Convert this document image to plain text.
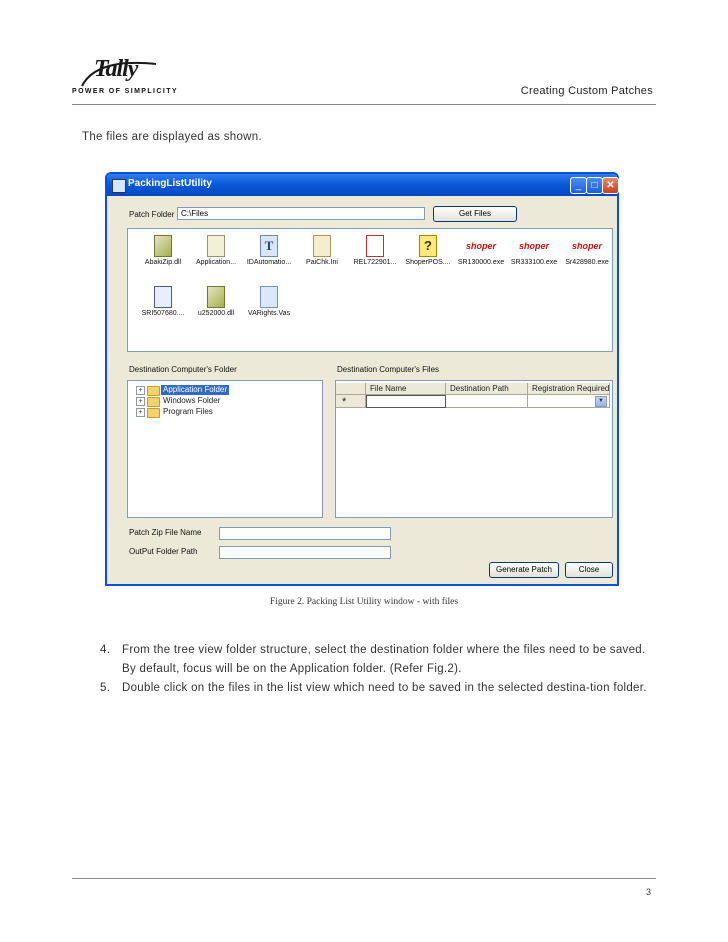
Tally
POWER OF SIMPLICITY	Creating Custom Patches
The files are displayed as shown.
PackingListUtility	_	□ ✕
Patch Folder C:\Files	Get Files
AbakiZip.dll	Application...
T
IDAutomatio...	PaiChk.Ini	REL722901...
?
ShoperPOS....
shoper
SR130000.exe
shoper
SR333100.exe
shoper
Sr428980.exe
SRI507680....	u252000.dll	VARights.Vas
Destination Computer's Folder	Destination Computer's Files
+	Application Folder
+	Windows Folder
+	Program Files
File Name	Destination Path	Registration Required
*	▼
Patch Zip File Name
OutPut Folder Path
Generate Patch	Close
Figure 2. Packing List Utility window - with files
4. From the tree view folder structure, select the destination folder where the files need to be saved. By default, focus will be on the Application folder. (Refer Fig.2).
5. Double click on the files in the list view which need to be saved in the selected destina-tion folder.
3
